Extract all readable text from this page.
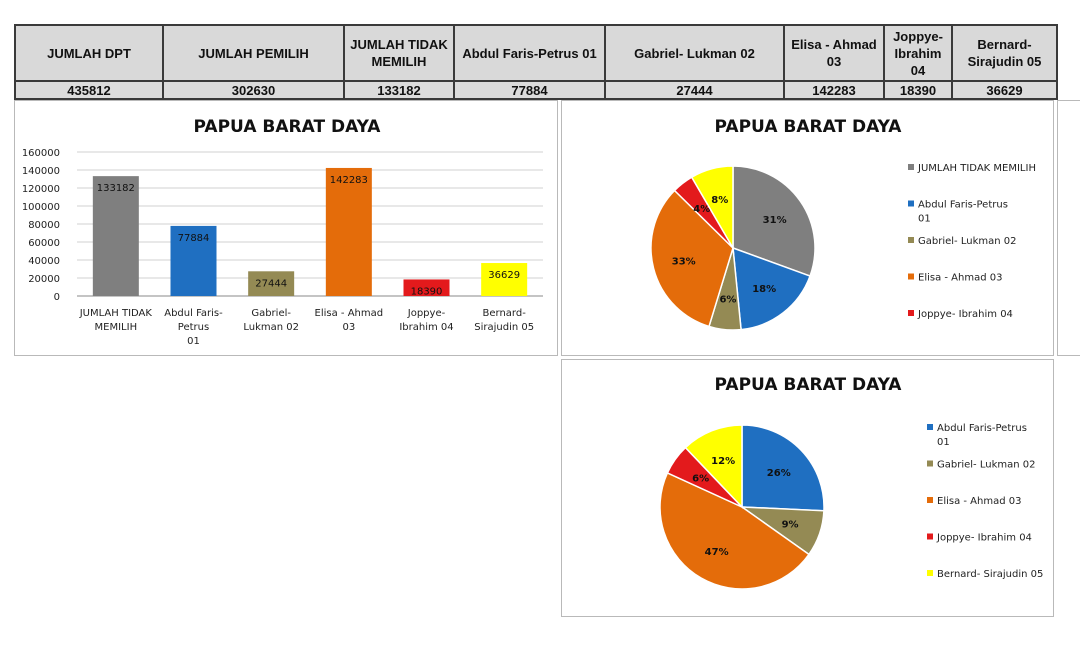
JUMLAH DPT	JUMLAH PEMILIH	JUMLAH TIDAK MEMILIH	Abdul Faris-Petrus 01	Gabriel- Lukman 02	Elisa - Ahmad 03	Joppye- Ibrahim 04	Bernard- Sirajudin 05
435812	302630	133182	77884	27444	142283	18390	36629
PAPUA BARAT DAYA
0
20000
40000
60000
80000
100000
120000
140000
160000
133182
JUMLAH TIDAK MEMILIH
77884
Abdul Faris-Petrus 01
27444
Gabriel-Lukman 02
142283
Elisa - Ahmad 03
18390
Joppye-Ibrahim 04
36629
Bernard-Sirajudin 05
PAPUA BARAT DAYA
31%
18%
6%
33%
4%
8%
JUMLAH TIDAK MEMILIH
Abdul Faris-Petrus 01
Gabriel- Lukman 02
Elisa - Ahmad 03
Joppye- Ibrahim 04
PAPUA BARAT DAYA
26%
9%
47%
6%
12%
Abdul Faris-Petrus 01
Gabriel- Lukman 02
Elisa - Ahmad 03
Joppye- Ibrahim 04
Bernard- Sirajudin 05
